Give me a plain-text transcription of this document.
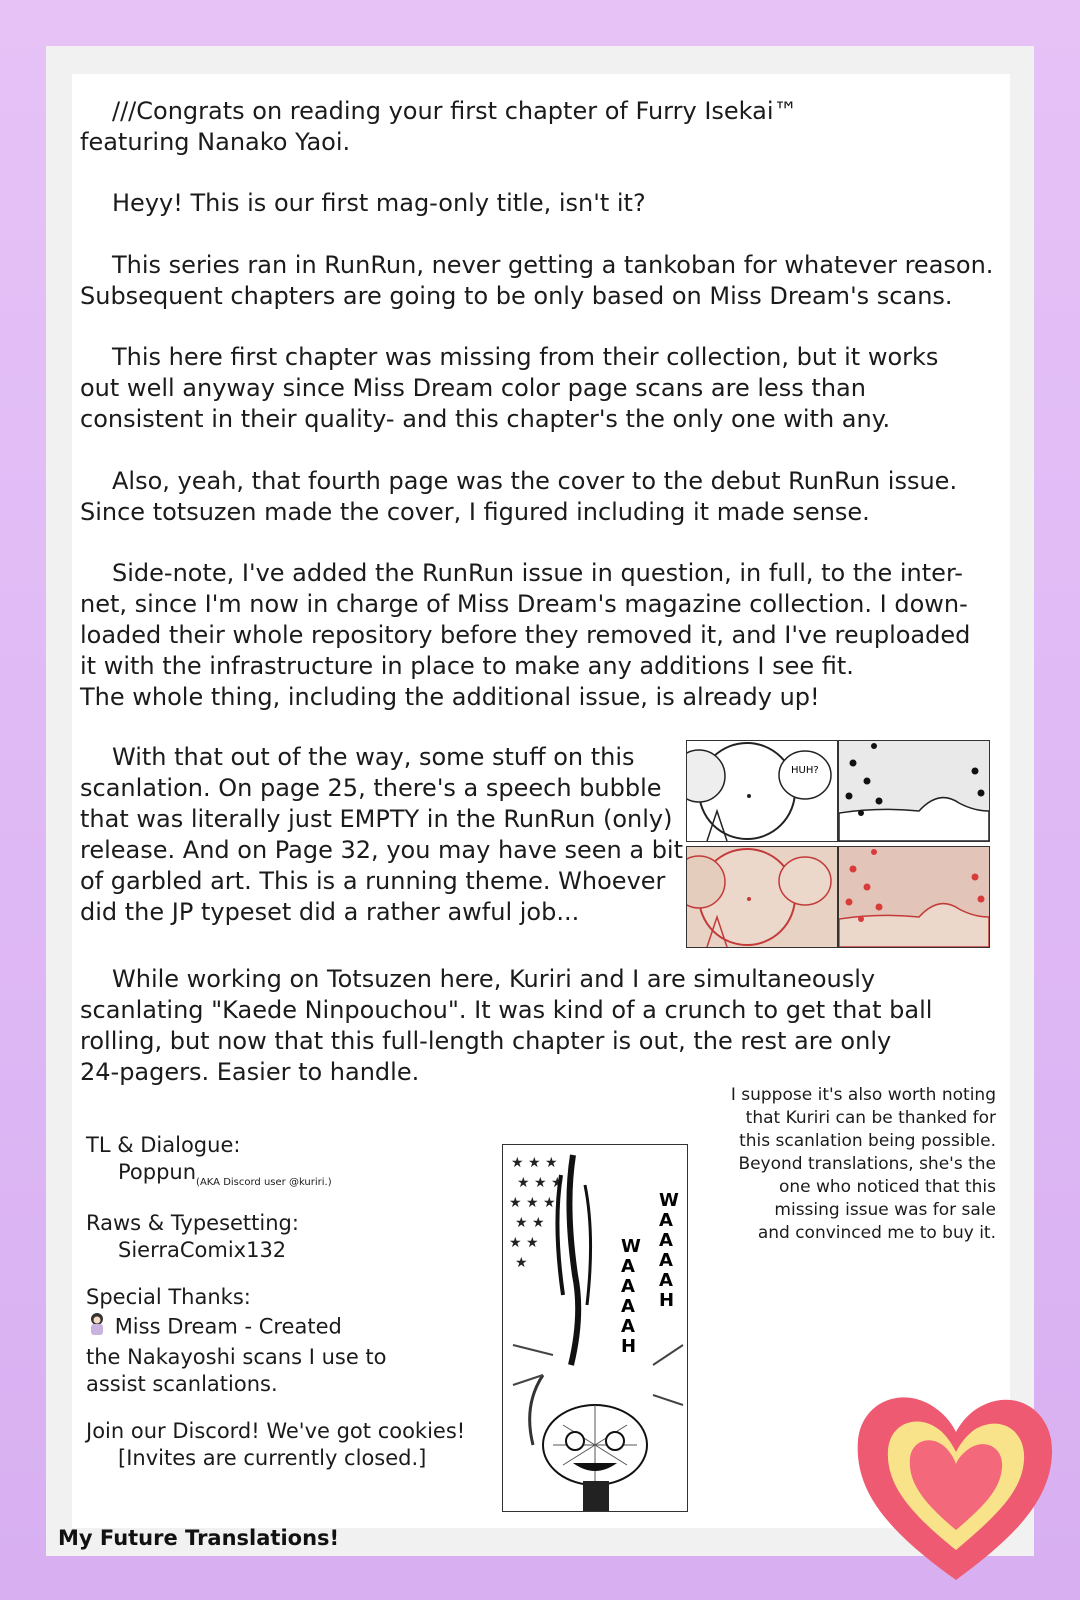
///Congrats on reading your first chapter of Furry Isekai™
featuring Nanako Yaoi.

Heyy! This is our first mag-only title, isn't it?

This series ran in RunRun, never getting a tankoban for whatever reason.
Subsequent chapters are going to be only based on Miss Dream's scans.

This here first chapter was missing from their collection, but it works
out well anyway since Miss Dream color page scans are less than
consistent in their quality- and this chapter's the only one with any.

Also, yeah, that fourth page was the cover to the debut RunRun issue.
Since totsuzen made the cover, I figured including it made sense.

Side-note, I've added the RunRun issue in question, in full, to the inter-
net, since I'm now in charge of Miss Dream's magazine collection. I down-
loaded their whole repository before they removed it, and I've reuploaded
it with the infrastructure in place to make any additions I see fit.
The whole thing, including the additional issue, is already up!

With that out of the way, some stuff on this
scanlation. On page 25, there's a speech bubble
that was literally just EMPTY in the RunRun (only)
release. And on Page 32, you may have seen a bit
of garbled art. This is a running theme. Whoever
did the JP typeset did a rather awful job...

While working on Totsuzen here, Kuriri and I are simultaneously
scanlating "Kaede Ninpouchou". It was kind of a crunch to get that ball
rolling, but now that this full-length chapter is out, the rest are only
24-pagers. Easier to handle.

HUH?
I suppose it's also worth noting
that Kuriri can be thanked for
this scanlation being possible.
Beyond translations, she's the
one who noticed that this
missing issue was for sale
and convinced me to buy it.
TL & Dialogue:
Poppun$_{(AKA Discord user @kuriri.)}$
Raws & Typesetting:
SierraComix132
Special Thanks:
Miss Dream - Created
the Nakayoshi scans I use to
assist scanlations.
Join our Discord! We've got cookies!
[Invites are currently closed.]
★ ★ ★
★ ★ ★
★ ★ ★
★ ★
★ ★
★
WAAAAH
WAAAAH
My Future Translations!
